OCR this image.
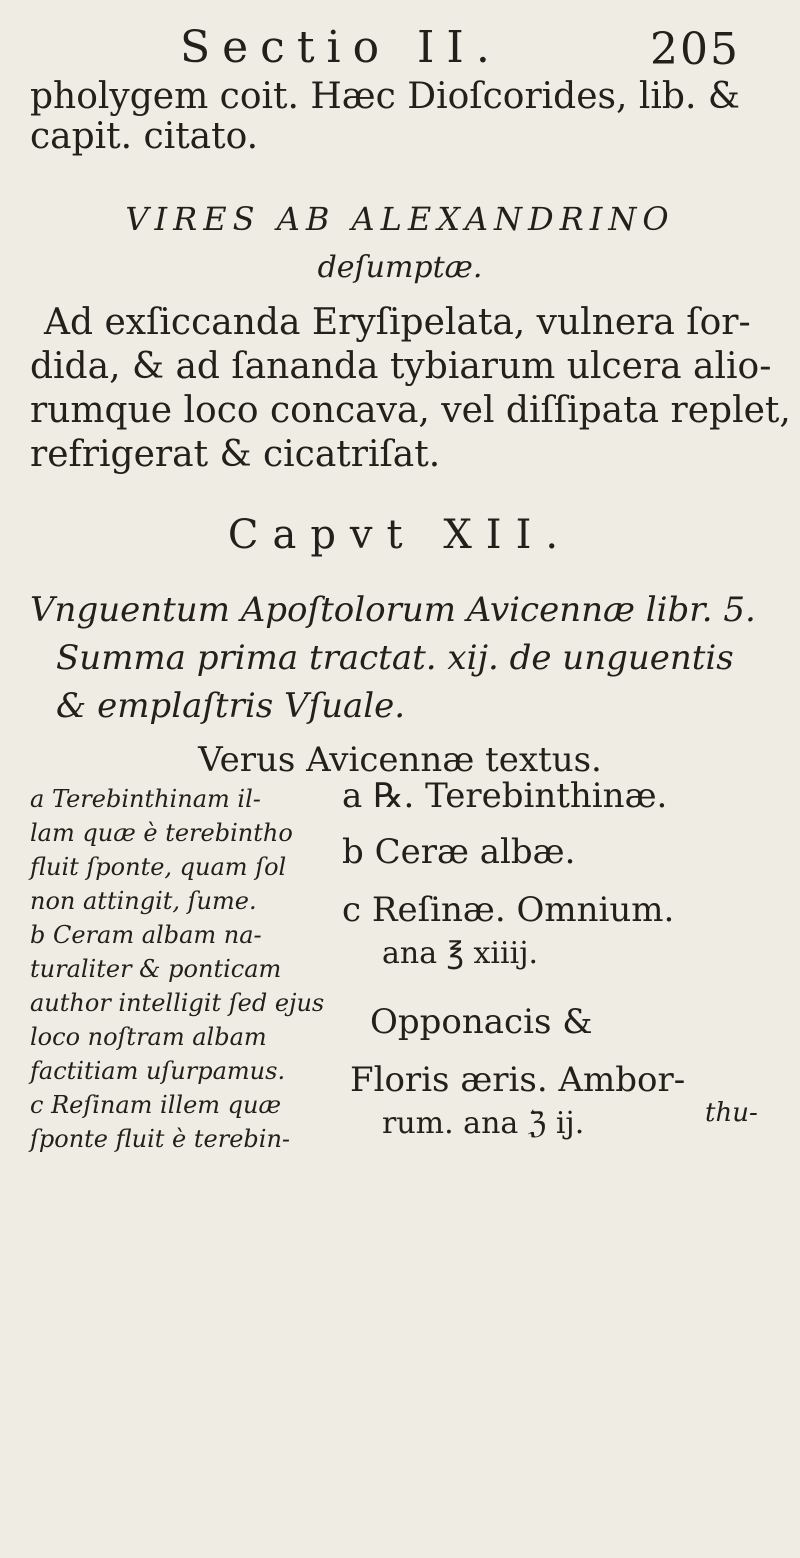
Sectio II.	205
pholygem coit. Hæc Dioſcorides, lib. &
capit. citato.
VIRES AB ALEXANDRINO
deſumptæ.
Ad exſiccanda Eryſipelata, vulnera ſor-
dida, & ad ſananda tybiarum ulcera alio-
rumque loco concava, vel diſſipata replet,
refrigerat & cicatriſat.
Capvt XII.
Vnguentum Apoſtolorum Avicennæ libr. 5.
Summa prima tractat. xij. de unguentis
& emplaſtris Vſuale.
Verus Avicennæ textus.
a Terebinthinam il-
lam quæ è terebintho
fluit ſponte, quam ſol
non attingit, ſume.
b Ceram albam na-
turaliter & ponticam
author intelligit ſed ejus
loco noſtram albam
factitiam uſurpamus.
c Reſinam illem quæ
ſponte fluit è terebin-
a ℞. Terebinthinæ.
b Ceræ albæ.
c Reſinæ. Omnium.
ana ℥ xiiij.
Opponacis &
Floris æris. Ambor-
rum. ana ℨ ij.	thu-
